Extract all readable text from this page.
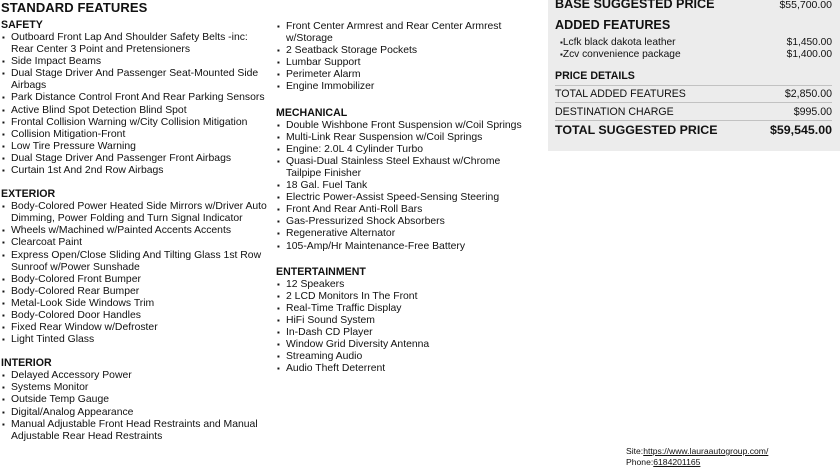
STANDARD FEATURES
SAFETY
▪ Outboard Front Lap And Shoulder Safety Belts -inc: Rear Center 3 Point and Pretensioners
▪ Side Impact Beams
▪ Dual Stage Driver And Passenger Seat-Mounted Side Airbags
▪ Park Distance Control Front And Rear Parking Sensors
▪ Active Blind Spot Detection Blind Spot
▪ Frontal Collision Warning w/City Collision Mitigation
▪ Collision Mitigation-Front
▪ Low Tire Pressure Warning
▪ Dual Stage Driver And Passenger Front Airbags
▪ Curtain 1st And 2nd Row Airbags
EXTERIOR
▪ Body-Colored Power Heated Side Mirrors w/Driver Auto Dimming, Power Folding and Turn Signal Indicator
▪ Wheels w/Machined w/Painted Accents Accents
▪ Clearcoat Paint
▪ Express Open/Close Sliding And Tilting Glass 1st Row Sunroof w/Power Sunshade
▪ Body-Colored Front Bumper
▪ Body-Colored Rear Bumper
▪ Metal-Look Side Windows Trim
▪ Body-Colored Door Handles
▪ Fixed Rear Window w/Defroster
▪ Light Tinted Glass
INTERIOR
▪ Delayed Accessory Power
▪ Systems Monitor
▪ Outside Temp Gauge
▪ Digital/Analog Appearance
▪ Manual Adjustable Front Head Restraints and Manual Adjustable Rear Head Restraints
▪ Front Center Armrest and Rear Center Armrest w/Storage
▪ 2 Seatback Storage Pockets
▪ Lumbar Support
▪ Perimeter Alarm
▪ Engine Immobilizer
MECHANICAL
▪ Double Wishbone Front Suspension w/Coil Springs
▪ Multi-Link Rear Suspension w/Coil Springs
▪ Engine: 2.0L 4 Cylinder Turbo
▪ Quasi-Dual Stainless Steel Exhaust w/Chrome Tailpipe Finisher
▪ 18 Gal. Fuel Tank
▪ Electric Power-Assist Speed-Sensing Steering
▪ Front And Rear Anti-Roll Bars
▪ Gas-Pressurized Shock Absorbers
▪ Regenerative Alternator
▪ 105-Amp/Hr Maintenance-Free Battery
ENTERTAINMENT
▪ 12 Speakers
▪ 2 LCD Monitors In The Front
▪ Real-Time Traffic Display
▪ HiFi Sound System
▪ In-Dash CD Player
▪ Window Grid Diversity Antenna
▪ Streaming Audio
▪ Audio Theft Deterrent
BASE SUGGESTED PRICE	$55,700.00
ADDED FEATURES
▪ Lcfk black dakota leather	$1,450.00
▪ Zcv convenience package	$1,400.00
PRICE DETAILS
TOTAL ADDED FEATURES	$2,850.00
DESTINATION CHARGE	$995.00
TOTAL SUGGESTED PRICE	$59,545.00
Site:https://www.lauraautogroup.com/
Phone:6184201165
